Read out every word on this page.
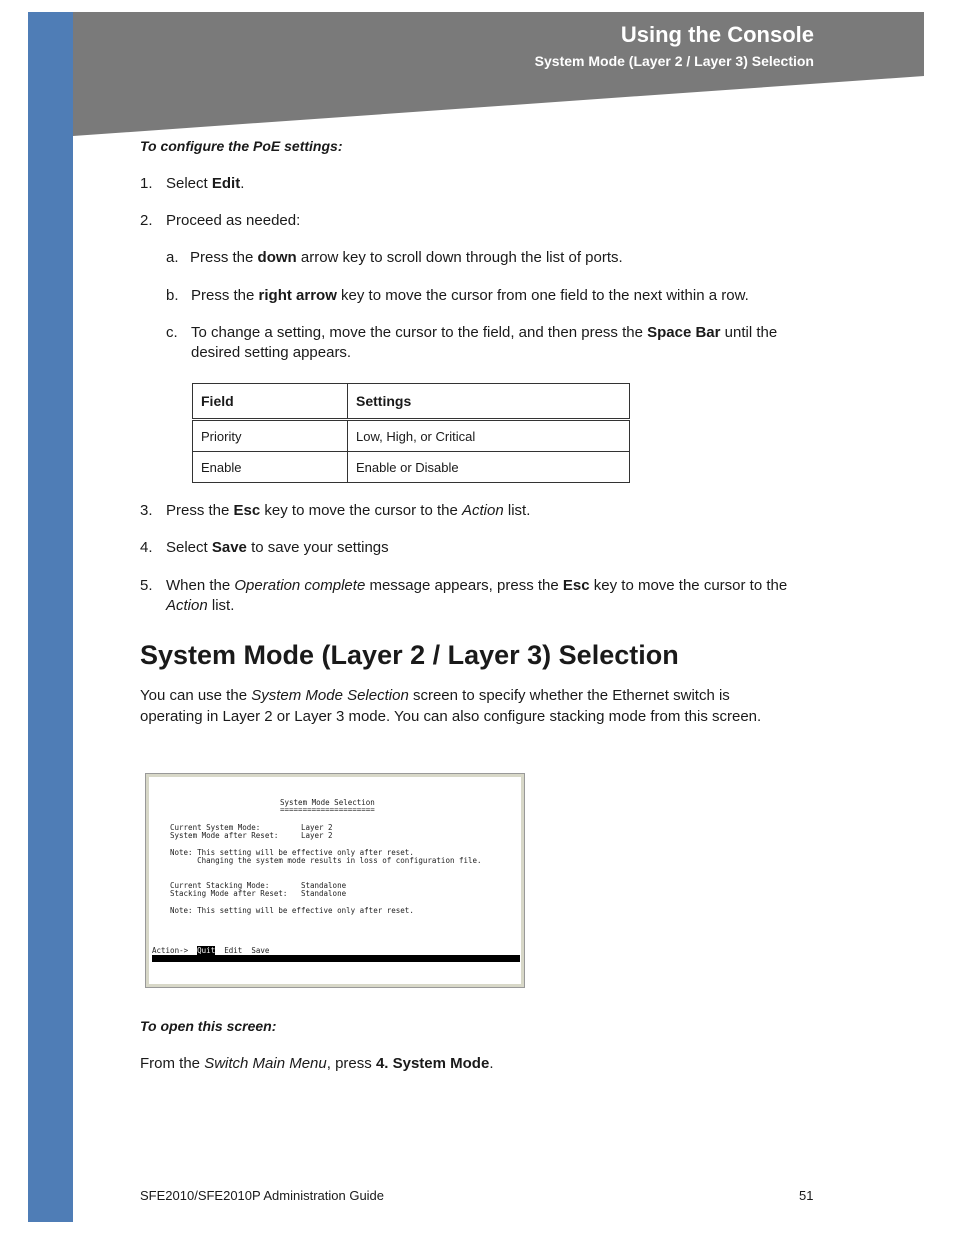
Using the Console
System Mode (Layer 2 / Layer 3) Selection
To configure the PoE settings:
1. Select Edit.
2. Proceed as needed:
a. Press the down arrow key to scroll down through the list of ports.
b. Press the right arrow key to move the cursor from one field to the next within a row.
c. To change a setting, move the cursor to the field, and then press the Space Bar until the
desired setting appears.
Field	Settings
Priority	Low, High, or Critical
Enable	Enable or Disable
3. Press the Esc key to move the cursor to the Action list.
4. Select Save to save your settings
5. When the Operation complete message appears, press the Esc key to move the cursor to the
Action list.
System Mode (Layer 2 / Layer 3) Selection
You can use the System Mode Selection screen to specify whether the Ethernet switch is
operating in Layer 2 or Layer 3 mode. You can also configure stacking mode from this screen.
System Mode Selection
=====================
Current System Mode:         Layer 2
System Mode after Reset:     Layer 2
Note: This setting will be effective only after reset.
Changing the system mode results in loss of configuration file.
Current Stacking Mode:       Standalone
Stacking Mode after Reset:   Standalone
Note: This setting will be effective only after reset.
Action-> Quit Edit Save
To open this screen:
From the Switch Main Menu, press 4. System Mode.
SFE2010/SFE2010P Administration Guide	51
